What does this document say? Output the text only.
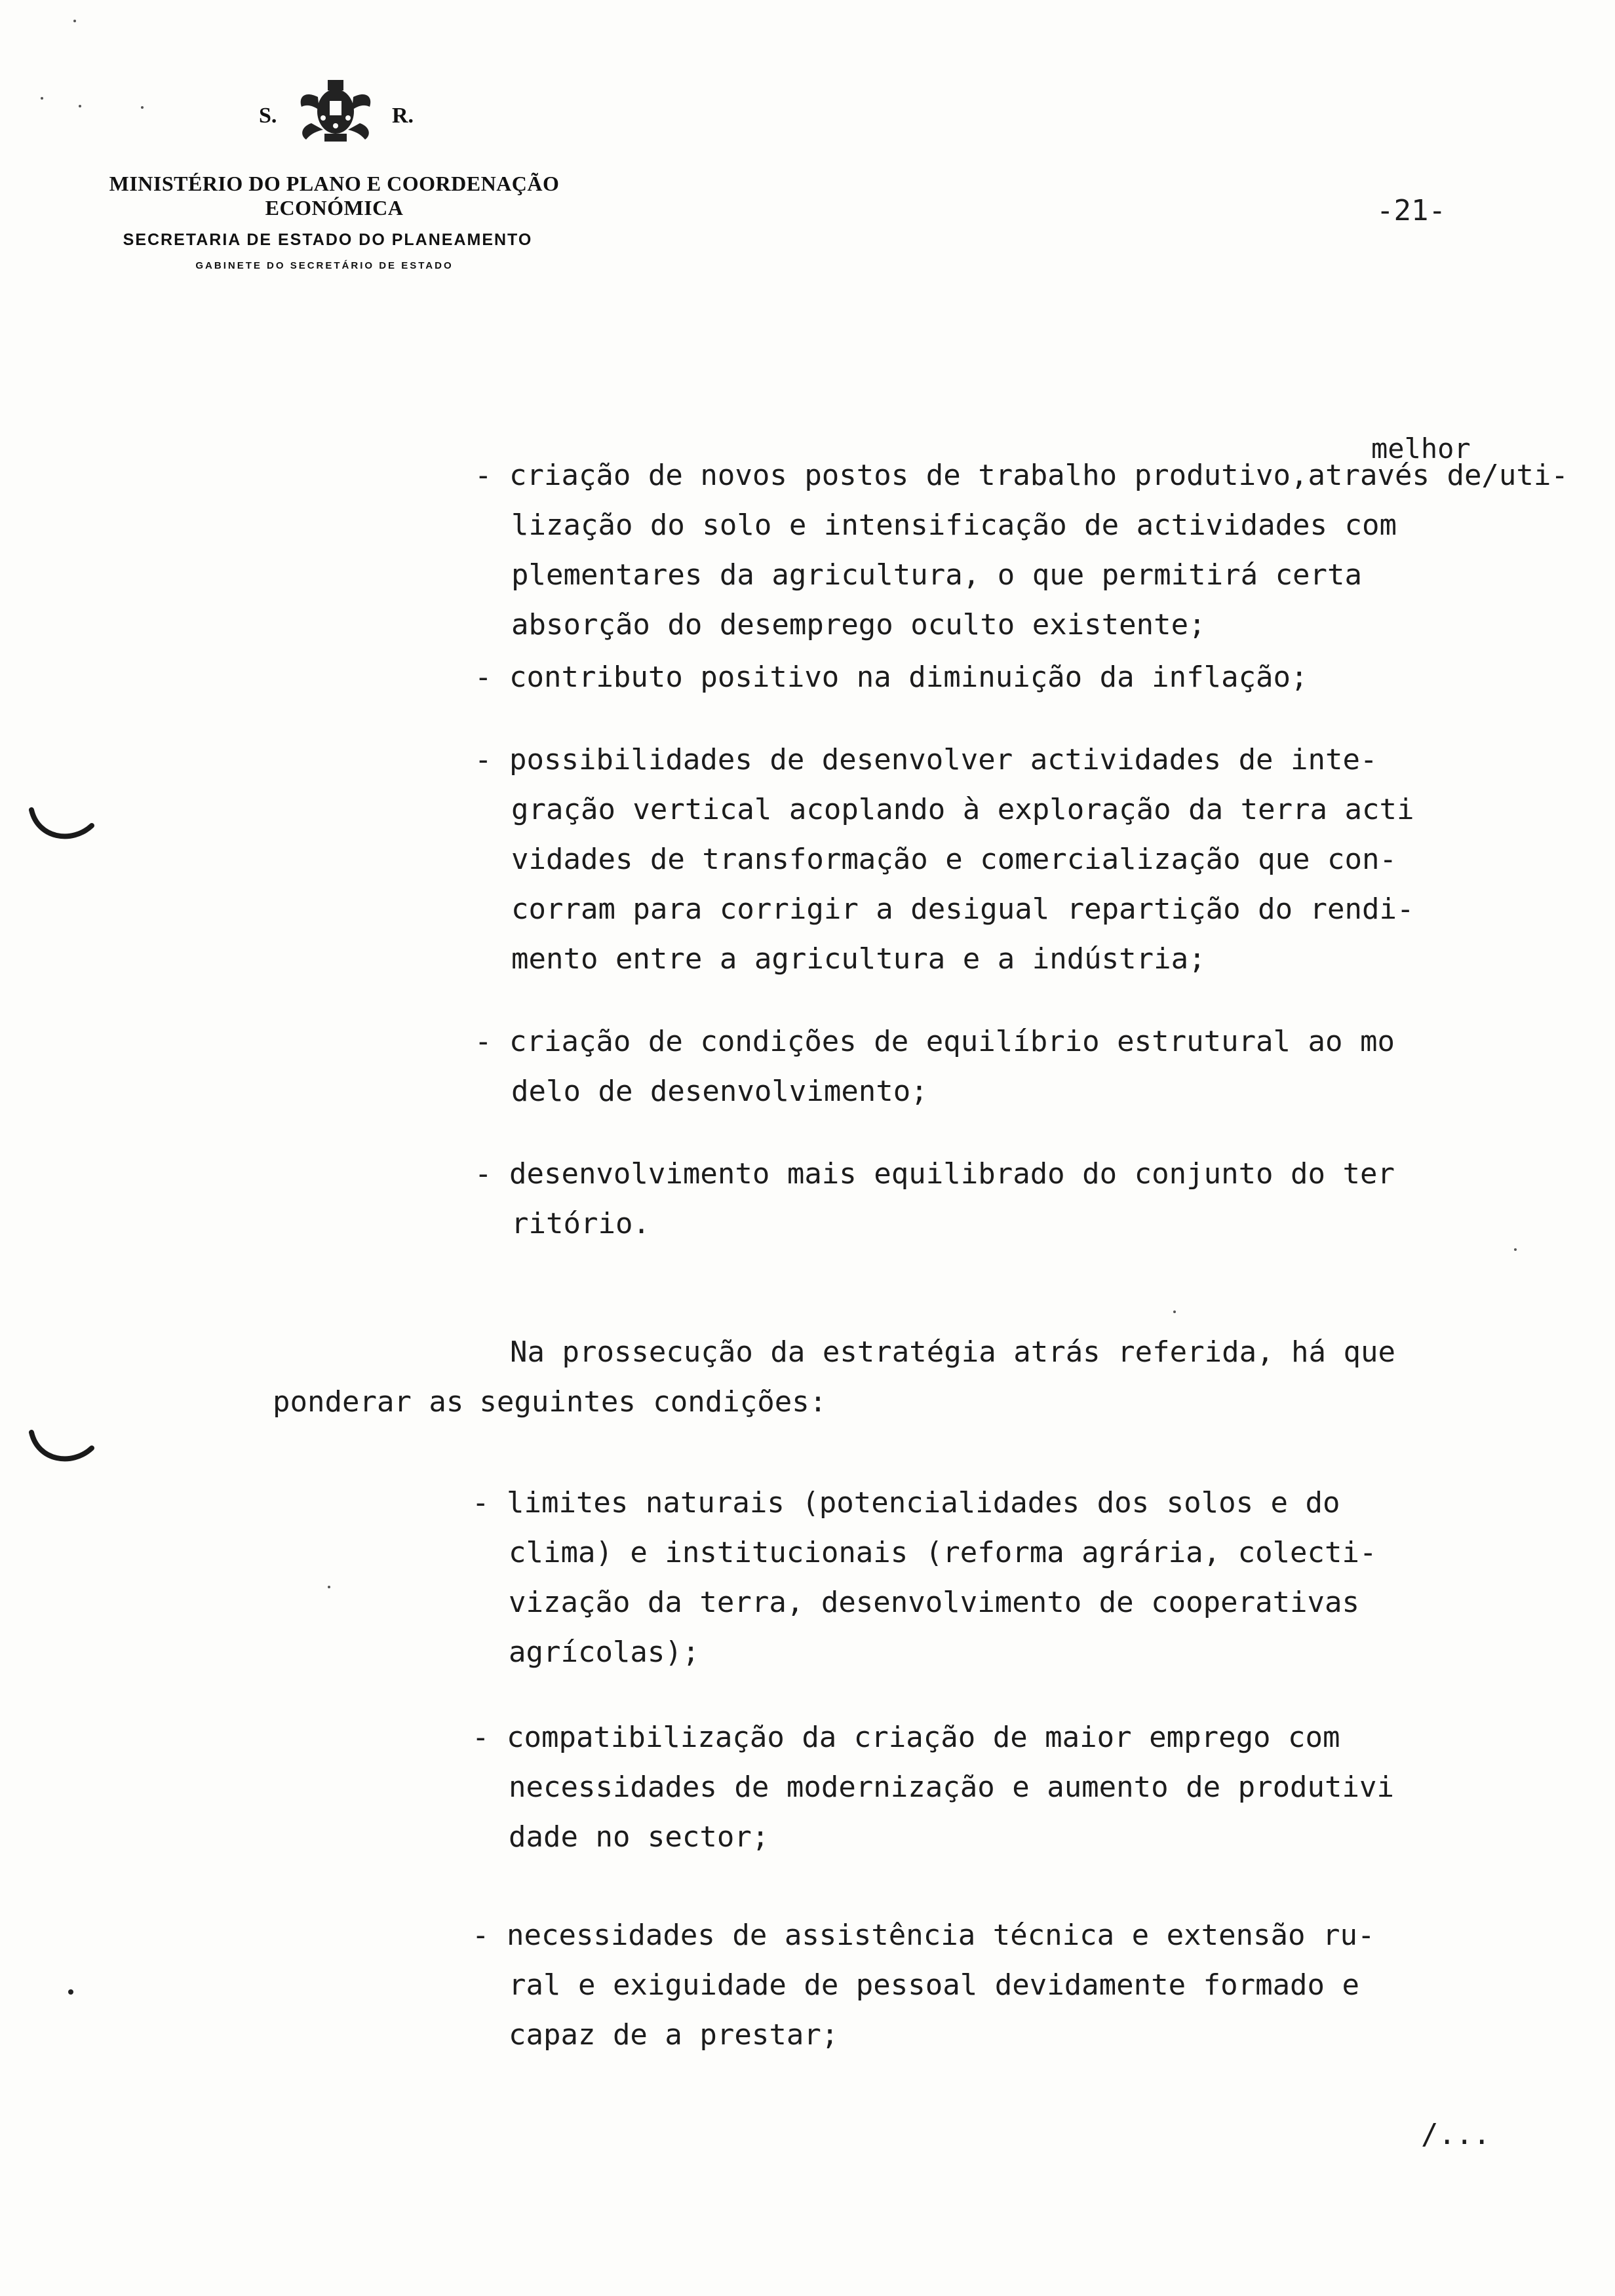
S.	R.
MINISTÉRIO DO PLANO E COORDENAÇÃO ECONÓMICA
SECRETARIA DE ESTADO DO PLANEAMENTO
GABINETE DO SECRETÁRIO DE ESTADO
-21-
melhor
- criação de novos postos de trabalho produtivo,através de/uti-
lização do solo e intensificação de actividades com
plementares da agricultura, o que permitirá certa
absorção do desemprego oculto existente;
- contributo positivo na diminuição da inflação;
- possibilidades de desenvolver actividades de inte-
gração vertical acoplando à exploração da terra acti
vidades de transformação e comercialização que con-
corram para corrigir a desigual repartição do rendi-
mento entre a agricultura e a indústria;
- criação de condições de equilíbrio estrutural ao mo
delo de desenvolvimento;
- desenvolvimento mais equilibrado do conjunto do ter
ritório.
Na prossecução da estratégia atrás referida, há que
ponderar as seguintes condições:
- limites naturais (potencialidades dos solos e do
clima) e institucionais (reforma agrária, colecti-
vização da terra, desenvolvimento de cooperativas
agrícolas);
- compatibilização da criação de maior emprego com
necessidades de modernização e aumento de produtivi
dade no sector;
- necessidades de assistência técnica e extensão ru-
ral e exiguidade de pessoal devidamente formado e
capaz de a prestar;
/...
